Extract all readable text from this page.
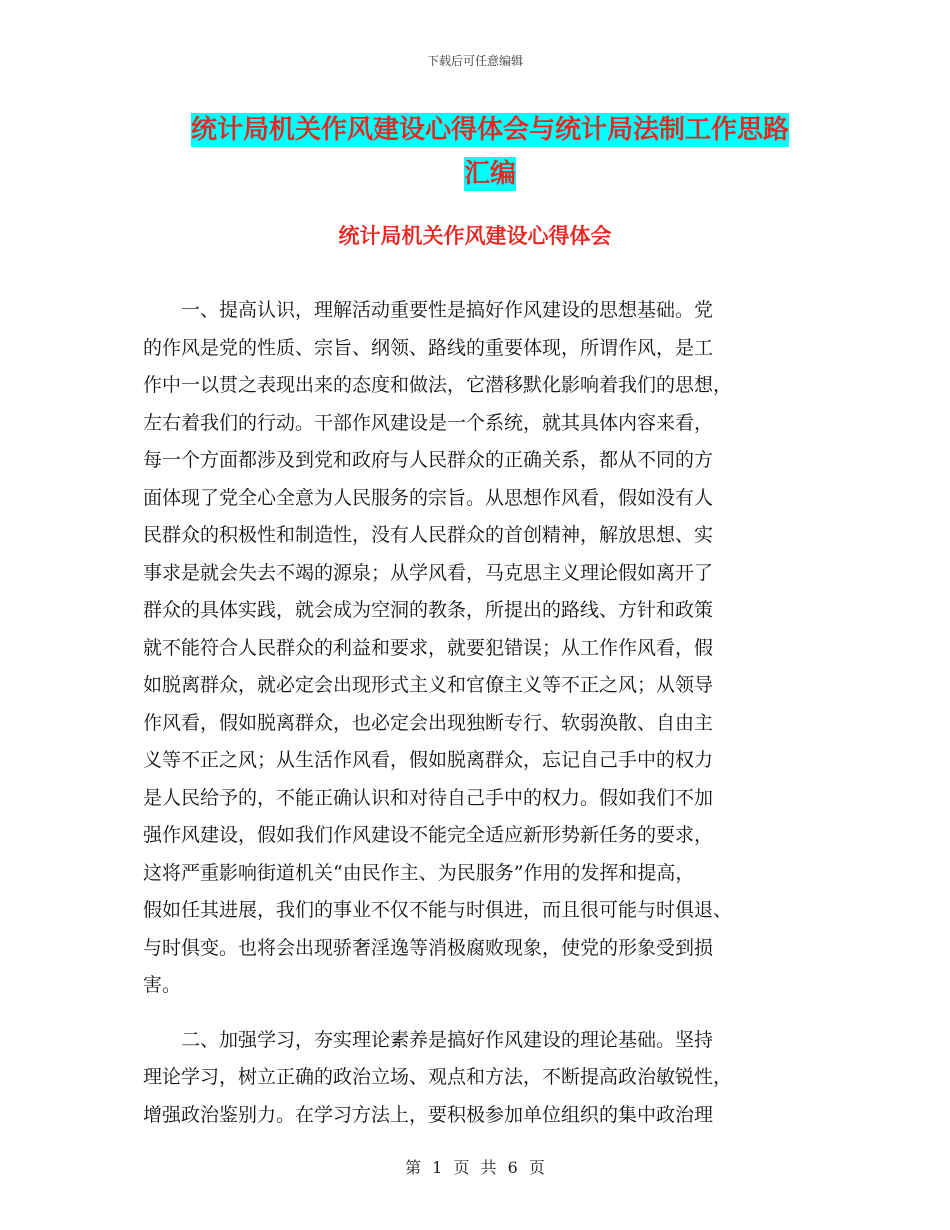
下载后可任意编辑
统计局机关作风建设心得体会与统计局法制工作思路
汇编
统计局机关作风建设心得体会
　　一、提高认识，理解活动重要性是搞好作风建设的思想基础。党
的作风是党的性质、宗旨、纲领、路线的重要体现，所谓作风，是工
作中一以贯之表现出来的态度和做法，它潜移默化影响着我们的思想，
左右着我们的行动。干部作风建设是一个系统，就其具体内容来看，
每一个方面都涉及到党和政府与人民群众的正确关系，都从不同的方
面体现了党全心全意为人民服务的宗旨。从思想作风看，假如没有人
民群众的积极性和制造性，没有人民群众的首创精神，解放思想、实
事求是就会失去不竭的源泉；从学风看，马克思主义理论假如离开了
群众的具体实践，就会成为空洞的教条，所提出的路线、方针和政策
就不能符合人民群众的利益和要求，就要犯错误；从工作作风看，假
如脱离群众，就必定会出现形式主义和官僚主义等不正之风；从领导
作风看，假如脱离群众，也必定会出现独断专行、软弱涣散、自由主
义等不正之风；从生活作风看，假如脱离群众，忘记自己手中的权力
是人民给予的，不能正确认识和对待自己手中的权力。假如我们不加
强作风建设，假如我们作风建设不能完全适应新形势新任务的要求，
这将严重影响街道机关“由民作主、为民服务”作用的发挥和提高，
假如任其进展，我们的事业不仅不能与时俱进，而且很可能与时俱退、
与时俱变。也将会出现骄奢淫逸等消极腐败现象，使党的形象受到损
害。
　　二、加强学习，夯实理论素养是搞好作风建设的理论基础。坚持
理论学习，树立正确的政治立场、观点和方法，不断提高政治敏锐性，
增强政治鉴别力。在学习方法上，要积极参加单位组织的集中政治理
第 1 页 共 6 页
